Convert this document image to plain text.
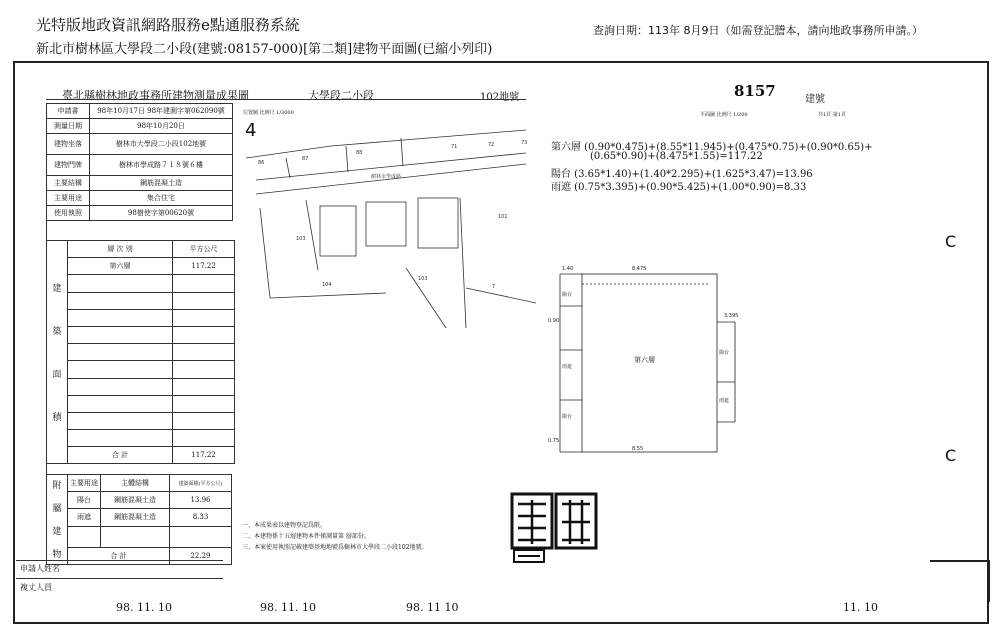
光特版地政資訊網路服務e點通服務系統
新北市樹林區大學段二小段(建號:08157-000)[第二類]建物平面圖(已縮小列印)
查詢日期：113年 8月9日（如需登記謄本，請向地政事務所申請。）
臺北縣樹林地政事務所建物測量成果圖	大學段二小段	102地號	8157	建號
申請書	98年10月17日 98年建測字第062090號
測量日期	98年10月20日
建物坐落	樹林市大學段二小段102地號
建物門牌	樹林市學成路７１８號６樓
主要結構	鋼筋混凝土造
主要用途	集合住宅
使用執照	98樹使字第00620號
建

築

面

積	層 次 別	平方公尺
	第六層	117.22

	合 計	117.22
附

屬

建

物	主要用途	主體結構	建築面積(平方公尺)
	陽台	鋼筋混凝土造	13.96
	雨遮	鋼筋混凝土造	8.33

	合 計		22.29
申請人姓名
複丈人員
位置圖 比例尺 1/3000
4
樹林市學成路
103
101
103
104	7
86
87
88
71	72	73
平面圖 比例尺 1/200	共1頁 第1頁
第六層 (0.90*0.475)+(8.55*11.945)+(0.475*0.75)+(0.90*0.65)+
(0.65*0.90)+(8.475*1.55)=117.22
陽台 (3.65*1.40)+(1.40*2.295)+(1.625*3.47)=13.96
雨遮 (0.75*3.395)+(0.90*5.425)+(1.00*0.90)=8.33
8.475
8.55
1.40
0.90
0.75
3.395
第六層
陽台
陽台
陽台
雨遮
雨遮
一、本成果表以建物登記爲限。
二、本建物係十五層建物本件僅測量第 層部份。
三、本案使用執照記載建築基地地號爲樹林市大學段二小段102地號。
98. 11. 10	98. 11. 10	98. 11 10	11. 10
C
C
